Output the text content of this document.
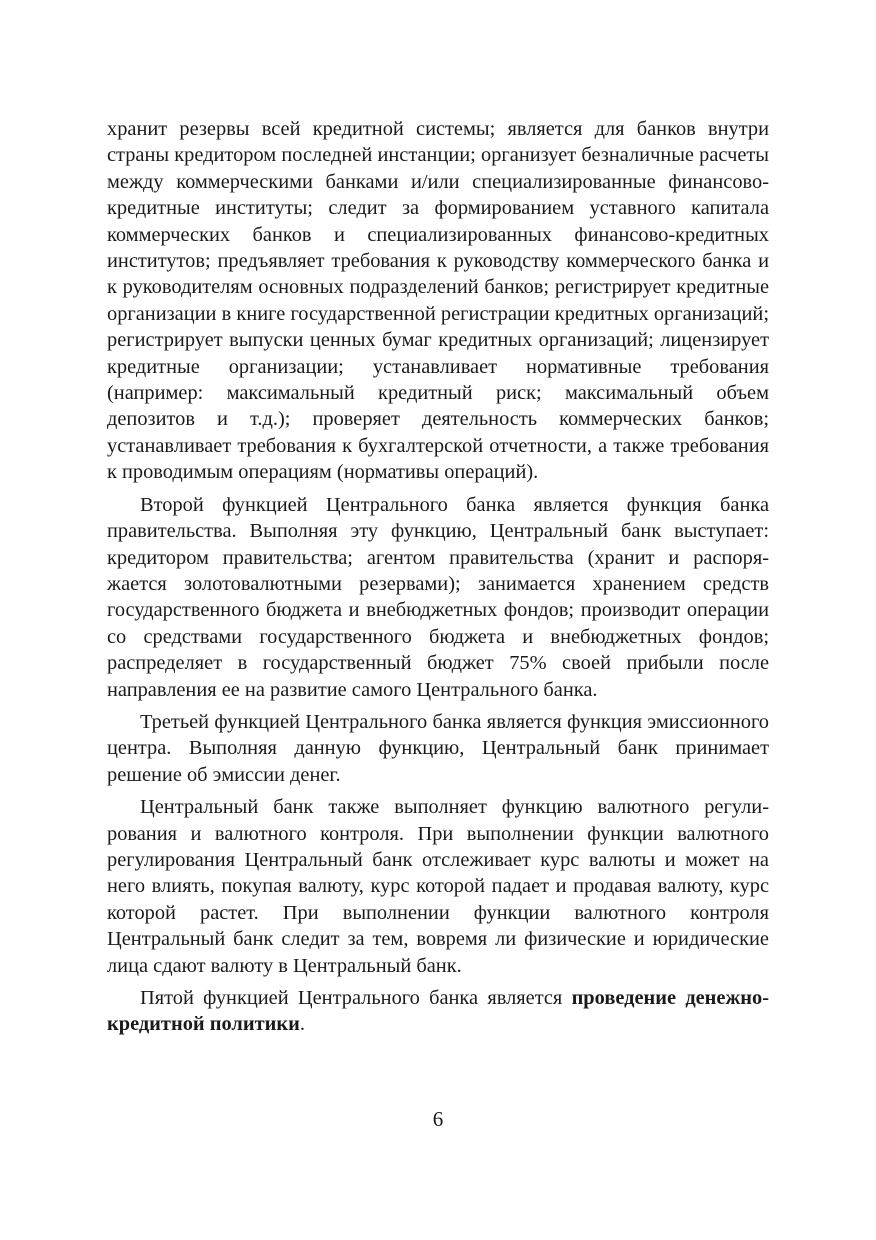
хранит резервы всей кредитной системы; является для банков внутри страны кредитором последней инстанции; организует безналичные расчеты между коммерческими банками и/или специализированные финансово-кредитные институты; следит за формированием уставного капитала коммерческих банков и специализированных финансово-кредитных институтов; предъявляет требования к руководству коммерческого банка и к руководителям основных подразделений банков; регистрирует кредитные организации в книге государственной регистрации кредитных организаций; регистрирует выпуски ценных бумаг кредитных организаций; лицензирует кредитные организации; устанавливает нормативные требования (например: максимальный кредитный риск; максимальный объем депозитов и т.д.); проверяет деятельность коммерческих банков; устанавливает требования к бухгалтерской отчетности, а также требования к проводимым операциям (нормативы операций).

Второй функцией Центрального банка является функция банка правительства. Выполняя эту функцию, Центральный банк выступает: кредитором правительства; агентом правительства (хранит и распоряжается золотовалютными резервами); занимается хранением средств государственного бюджета и внебюджетных фондов; производит операции со средствами государственного бюджета и внебюджетных фондов; распределяет в государственный бюджет 75% своей прибыли после направления ее на развитие самого Центрального банка.

Третьей функцией Центрального банка является функция эмиссионного центра. Выполняя данную функцию, Центральный банк принимает решение об эмиссии денег.

Центральный банк также выполняет функцию валютного регулирования и валютного контроля. При выполнении функции валютного регулирования Центральный банк отслеживает курс валюты и может на него влиять, покупая валюту, курс которой падает и продавая валюту, курс которой растет. При выполнении функции валютного контроля Центральный банк следит за тем, вовремя ли физические и юридические лица сдают валюту в Центральный банк.

Пятой функцией Центрального банка является проведение денежно-кредитной политики.

6
